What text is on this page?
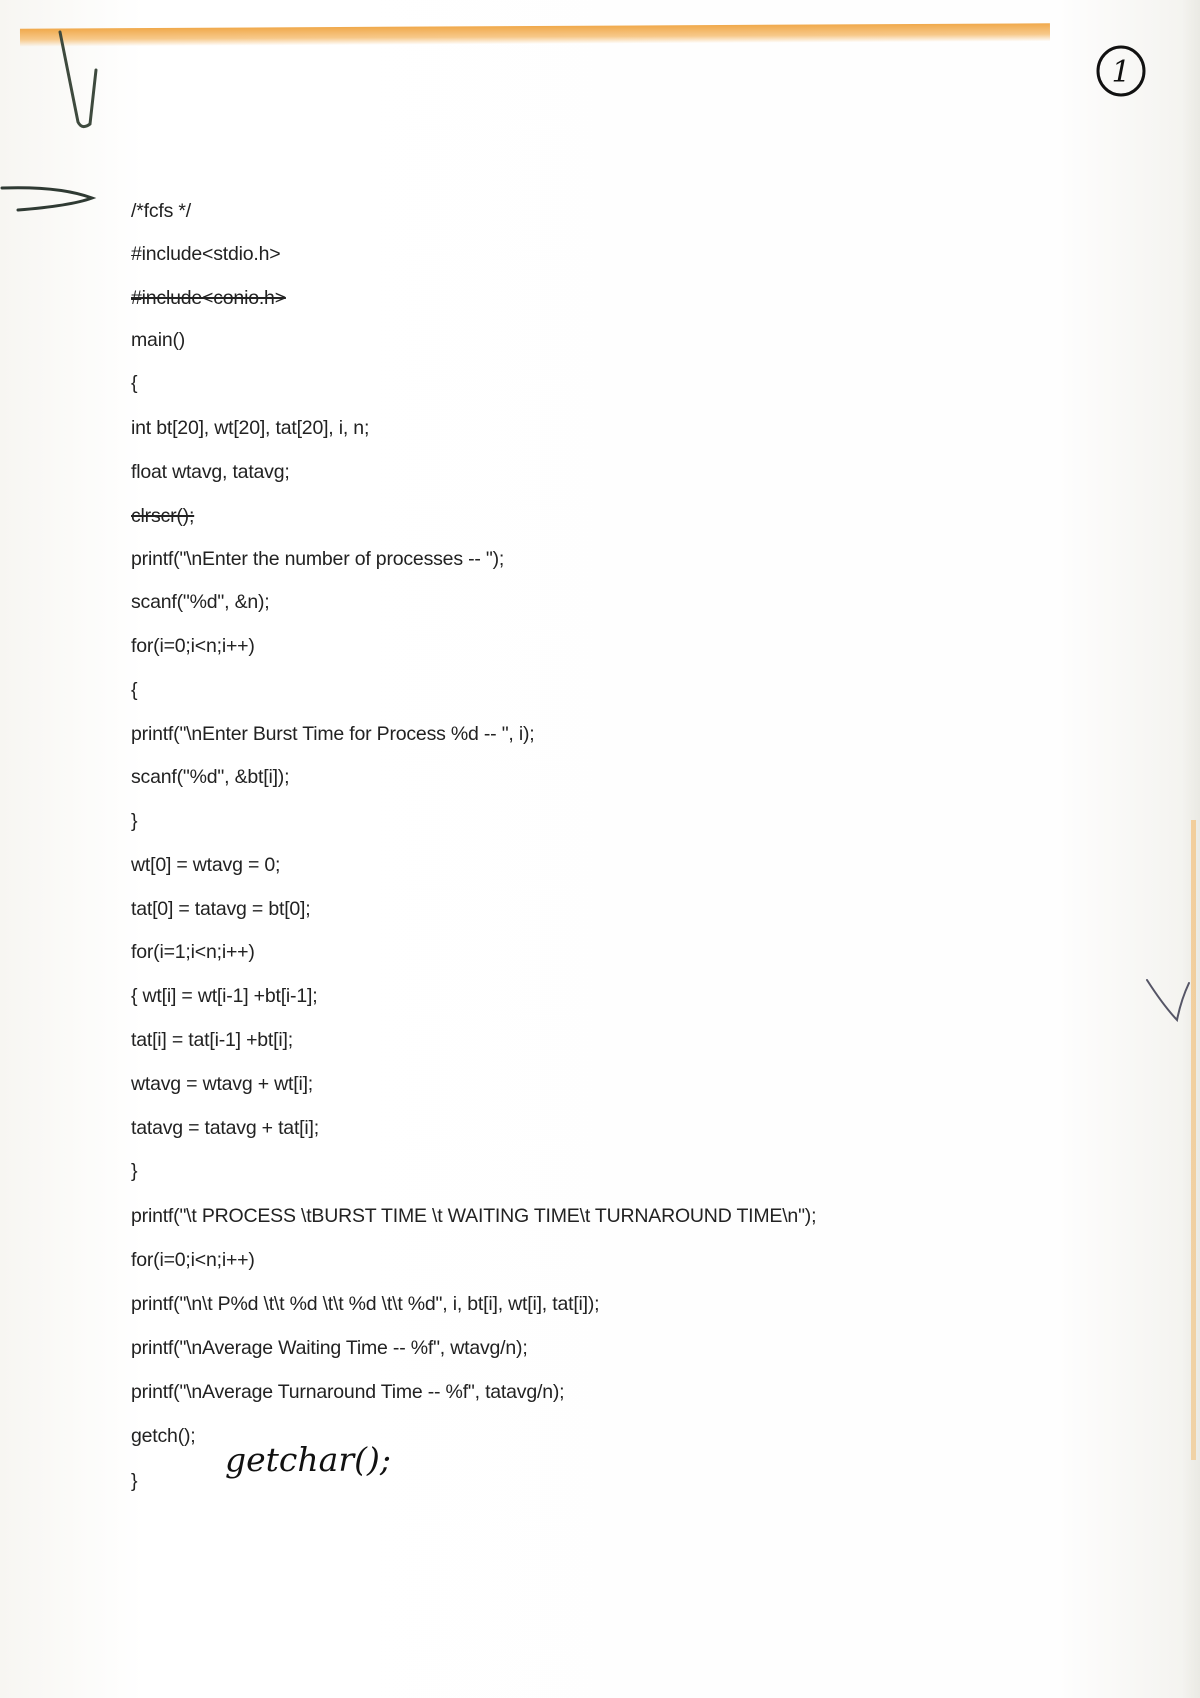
1
/*fcfs */
#include<stdio.h>
#include<conio.h>
main()
{
int bt[20], wt[20], tat[20], i, n;
float wtavg, tatavg;
clrscr();
printf("\nEnter the number of processes -- ");
scanf("%d", &n);
for(i=0;i<n;i++)
{
printf("\nEnter Burst Time for Process %d -- ", i);
scanf("%d", &bt[i]);
}
wt[0] = wtavg = 0;
tat[0] = tatavg = bt[0];
for(i=1;i<n;i++)
{ wt[i] = wt[i-1] +bt[i-1];
tat[i] = tat[i-1] +bt[i];
wtavg = wtavg + wt[i];
tatavg = tatavg + tat[i];
}
printf("\t PROCESS \tBURST TIME \t WAITING TIME\t TURNAROUND TIME\n");
for(i=0;i<n;i++)
printf("\n\t P%d \t\t %d \t\t %d \t\t %d", i, bt[i], wt[i], tat[i]);
printf("\nAverage Waiting Time -- %f", wtavg/n);
printf("\nAverage Turnaround Time -- %f", tatavg/n);
getch();
}
getchar();
